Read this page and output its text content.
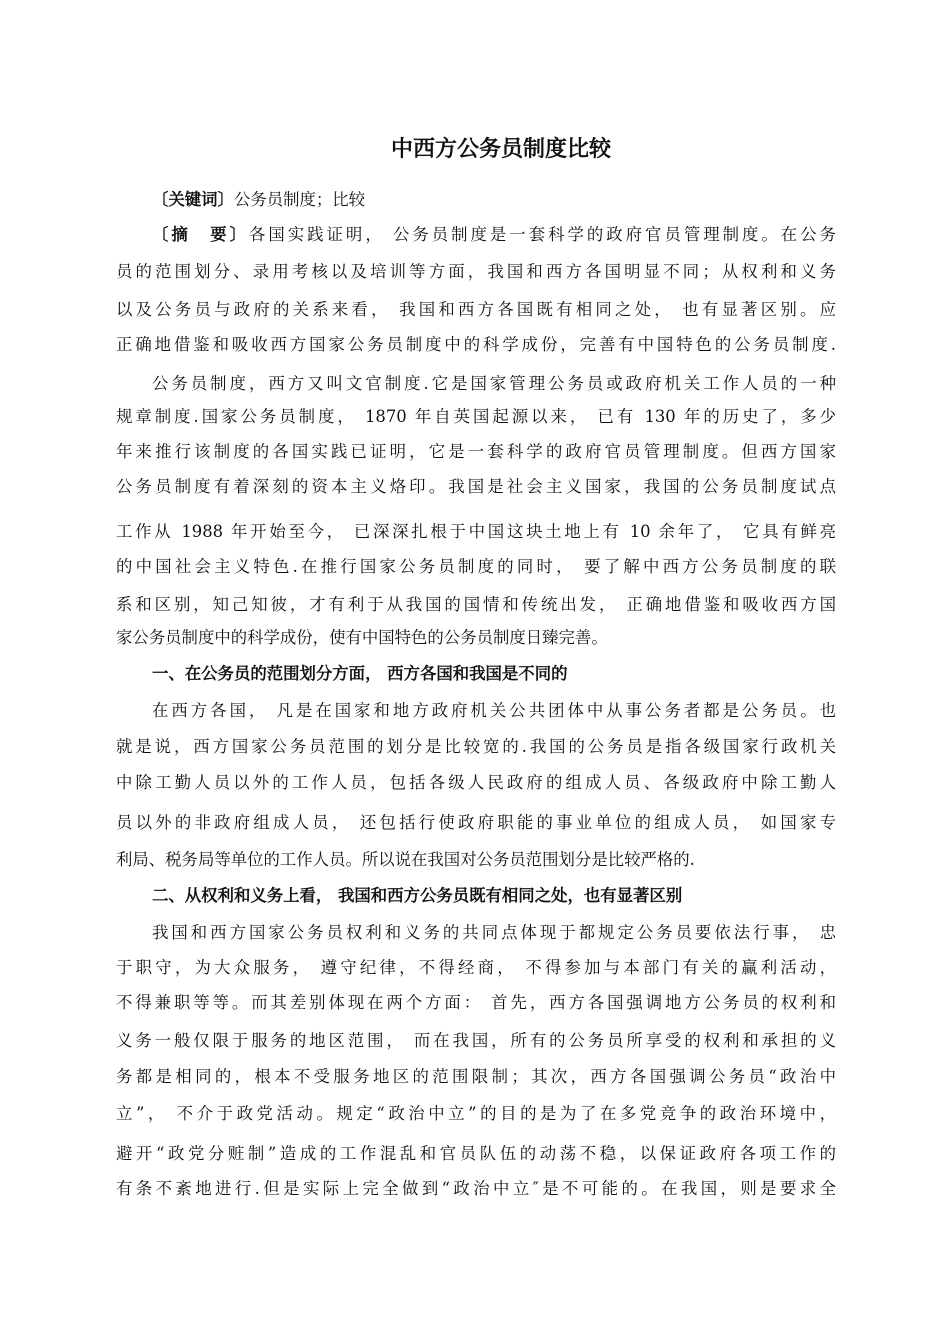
中西方公务员制度比较

〔关键词〕公务员制度；比较

〔摘　要〕各国实践证明， 公务员制度是一套科学的政府官员管理制度。在公务

员的范围划分、录用考核以及培训等方面，我国和西方各国明显不同；从权利和义务

以及公务员与政府的关系来看， 我国和西方各国既有相同之处， 也有显著区别。应

正确地借鉴和吸收西方国家公务员制度中的科学成份，完善有中国特色的公务员制度.

公务员制度，西方又叫文官制度.它是国家管理公务员或政府机关工作人员的一种

规章制度.国家公务员制度， 1870 年自英国起源以来， 已有 130 年的历史了，多少

年来推行该制度的各国实践已证明，它是一套科学的政府官员管理制度。但西方国家

公务员制度有着深刻的资本主义烙印。我国是社会主义国家，我国的公务员制度试点

工作从 1988 年开始至今， 已深深扎根于中国这块土地上有 10 余年了， 它具有鲜亮

的中国社会主义特色.在推行国家公务员制度的同时， 要了解中西方公务员制度的联

系和区别，知己知彼，才有利于从我国的国情和传统出发， 正确地借鉴和吸收西方国

家公务员制度中的科学成份，使有中国特色的公务员制度日臻完善。

一、在公务员的范围划分方面， 西方各国和我国是不同的

在西方各国， 凡是在国家和地方政府机关公共团体中从事公务者都是公务员。也

就是说，西方国家公务员范围的划分是比较宽的.我国的公务员是指各级国家行政机关

中除工勤人员以外的工作人员，包括各级人民政府的组成人员、各级政府中除工勤人

员以外的非政府组成人员， 还包括行使政府职能的事业单位的组成人员， 如国家专

利局、税务局等单位的工作人员。所以说在我国对公务员范围划分是比较严格的.

二、从权利和义务上看， 我国和西方公务员既有相同之处，也有显著区别

我国和西方国家公务员权利和义务的共同点体现于都规定公务员要依法行事， 忠

于职守，为大众服务， 遵守纪律，不得经商， 不得参加与本部门有关的赢利活动，

不得兼职等等。而其差别体现在两个方面： 首先，西方各国强调地方公务员的权利和

义务一般仅限于服务的地区范围， 而在我国，所有的公务员所享受的权利和承担的义

务都是相同的，根本不受服务地区的范围限制；其次，西方各国强调公务员“政治中

立”， 不介于政党活动。规定“政治中立”的目的是为了在多党竞争的政治环境中，

避开“政党分赃制”造成的工作混乱和官员队伍的动荡不稳，以保证政府各项工作的

有条不紊地进行.但是实际上完全做到“政治中立″是不可能的。在我国，则是要求全
